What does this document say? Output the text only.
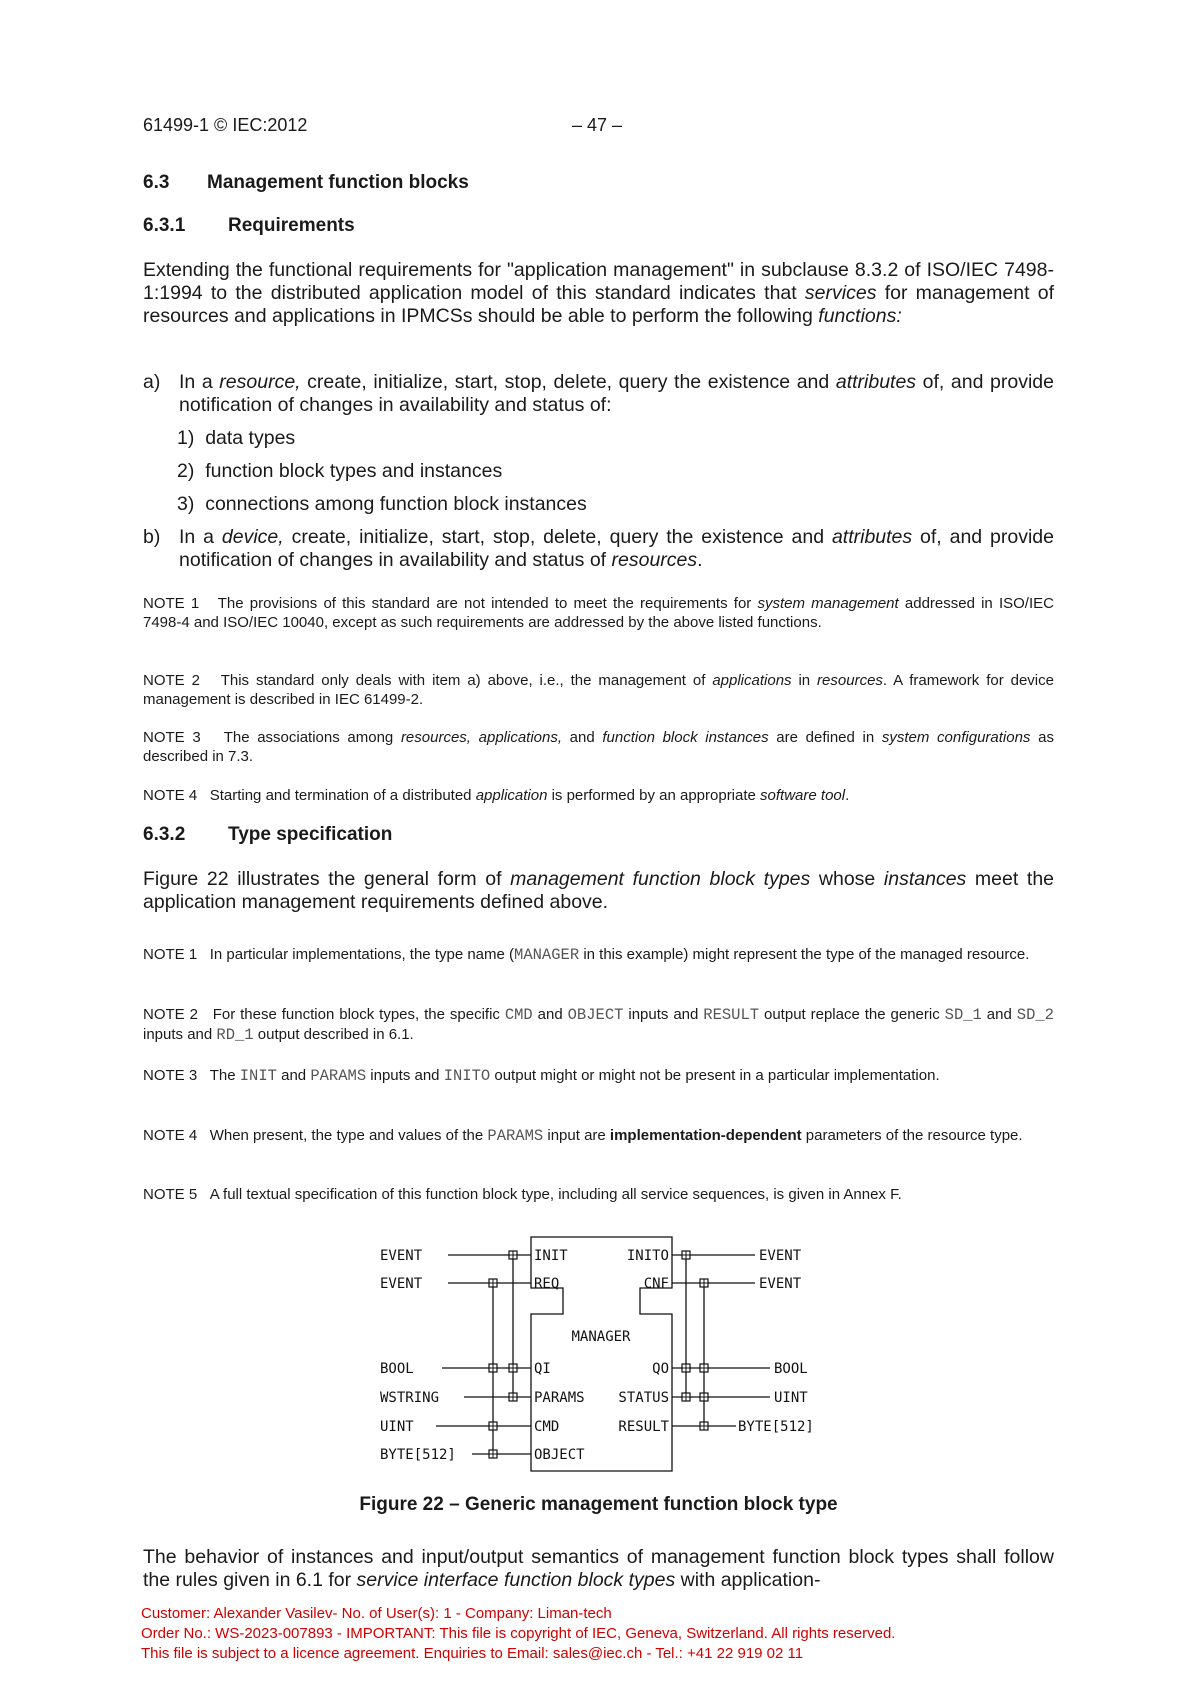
61499-1 © IEC:2012	– 47 –
6.3 Management function blocks
6.3.1 Requirements
Extending the functional requirements for "application management" in subclause 8.3.2 of ISO/IEC 7498-1:1994 to the distributed application model of this standard indicates that services for management of resources and applications in IPMCSs should be able to perform the following functions:
a) In a resource, create, initialize, start, stop, delete, query the existence and attributes of, and provide notification of changes in availability and status of:
1) data types
2) function block types and instances
3) connections among function block instances
b) In a device, create, initialize, start, stop, delete, query the existence and attributes of, and provide notification of changes in availability and status of resources.
NOTE 1 The provisions of this standard are not intended to meet the requirements for system management addressed in ISO/IEC 7498-4 and ISO/IEC 10040, except as such requirements are addressed by the above listed functions.
NOTE 2 This standard only deals with item a) above, i.e., the management of applications in resources. A framework for device management is described in IEC 61499-2.
NOTE 3 The associations among resources, applications, and function block instances are defined in system configurations as described in 7.3.
NOTE 4 Starting and termination of a distributed application is performed by an appropriate software tool.
6.3.2 Type specification
Figure 22 illustrates the general form of management function block types whose instances meet the application management requirements defined above.
NOTE 1 In particular implementations, the type name (MANAGER in this example) might represent the type of the managed resource.
NOTE 2 For these function block types, the specific CMD and OBJECT inputs and RESULT output replace the generic SD_1 and SD_2 inputs and RD_1 output described in 6.1.
NOTE 3 The INIT and PARAMS inputs and INITO output might or might not be present in a particular implementation.
NOTE 4 When present, the type and values of the PARAMS input are implementation-dependent parameters of the resource type.
NOTE 5 A full textual specification of this function block type, including all service sequences, is given in Annex F.
EVENT
EVENT
BOOL
WSTRING
UINT
BYTE[512]
INIT
REQ
QI
PARAMS
CMD
OBJECT
INITO
CNF
QO
STATUS
RESULT
EVENT
EVENT
BOOL
UINT
BYTE[512]
MANAGER
Figure 22 – Generic management function block type
The behavior of instances and input/output semantics of management function block types shall follow the rules given in 6.1 for service interface function block types with application-
Customer: Alexander Vasilev- No. of User(s): 1 - Company: Liman-tech
Order No.: WS-2023-007893 - IMPORTANT: This file is copyright of IEC, Geneva, Switzerland. All rights reserved.
This file is subject to a licence agreement. Enquiries to Email: sales@iec.ch - Tel.: +41 22 919 02 11
